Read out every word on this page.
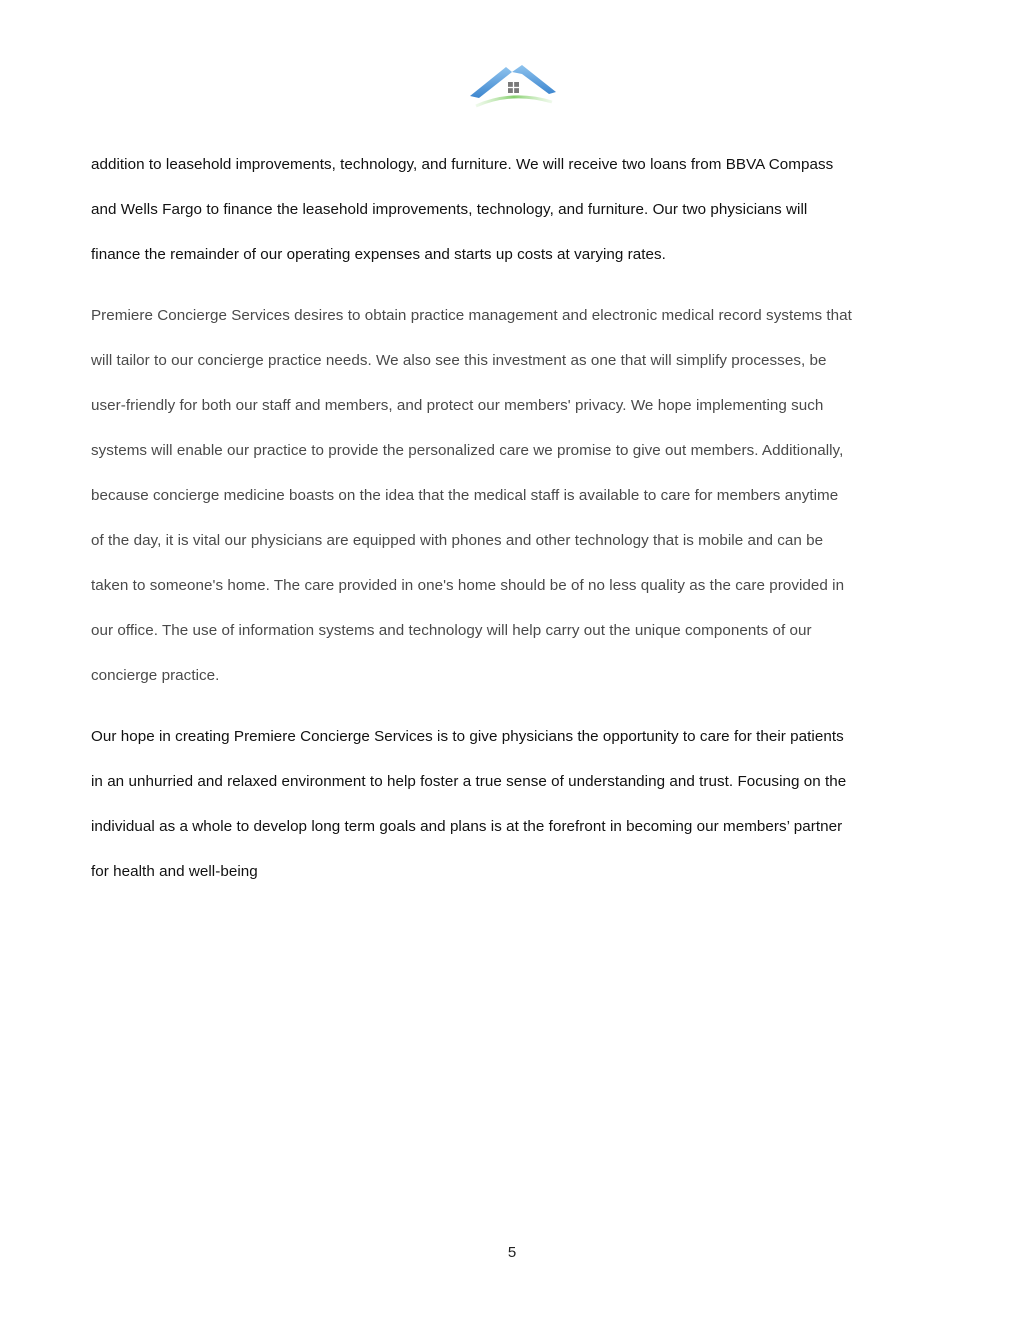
addition to leasehold improvements, technology, and furniture. We will receive two loans from BBVA Compass
and Wells Fargo to finance the leasehold improvements, technology, and furniture. Our two physicians will
finance the remainder of our operating expenses and starts up costs at varying rates.
Premiere Concierge Services desires to obtain practice management and electronic medical record systems that
will tailor to our concierge practice needs. We also see this investment as one that will simplify processes, be
user-friendly for both our staff and members, and protect our members' privacy. We hope implementing such
systems will enable our practice to provide the personalized care we promise to give out members. Additionally,
because concierge medicine boasts on the idea that the medical staff is available to care for members anytime
of the day, it is vital our physicians are equipped with phones and other technology that is mobile and can be
taken to someone's home. The care provided in one's home should be of no less quality as the care provided in
our office. The use of information systems and technology will help carry out the unique components of our
concierge practice.
Our hope in creating Premiere Concierge Services is to give physicians the opportunity to care for their patients
in an unhurried and relaxed environment to help foster a true sense of understanding and trust. Focusing on the
individual as a whole to develop long term goals and plans is at the forefront in becoming our members’ partner
for health and well-being
5
